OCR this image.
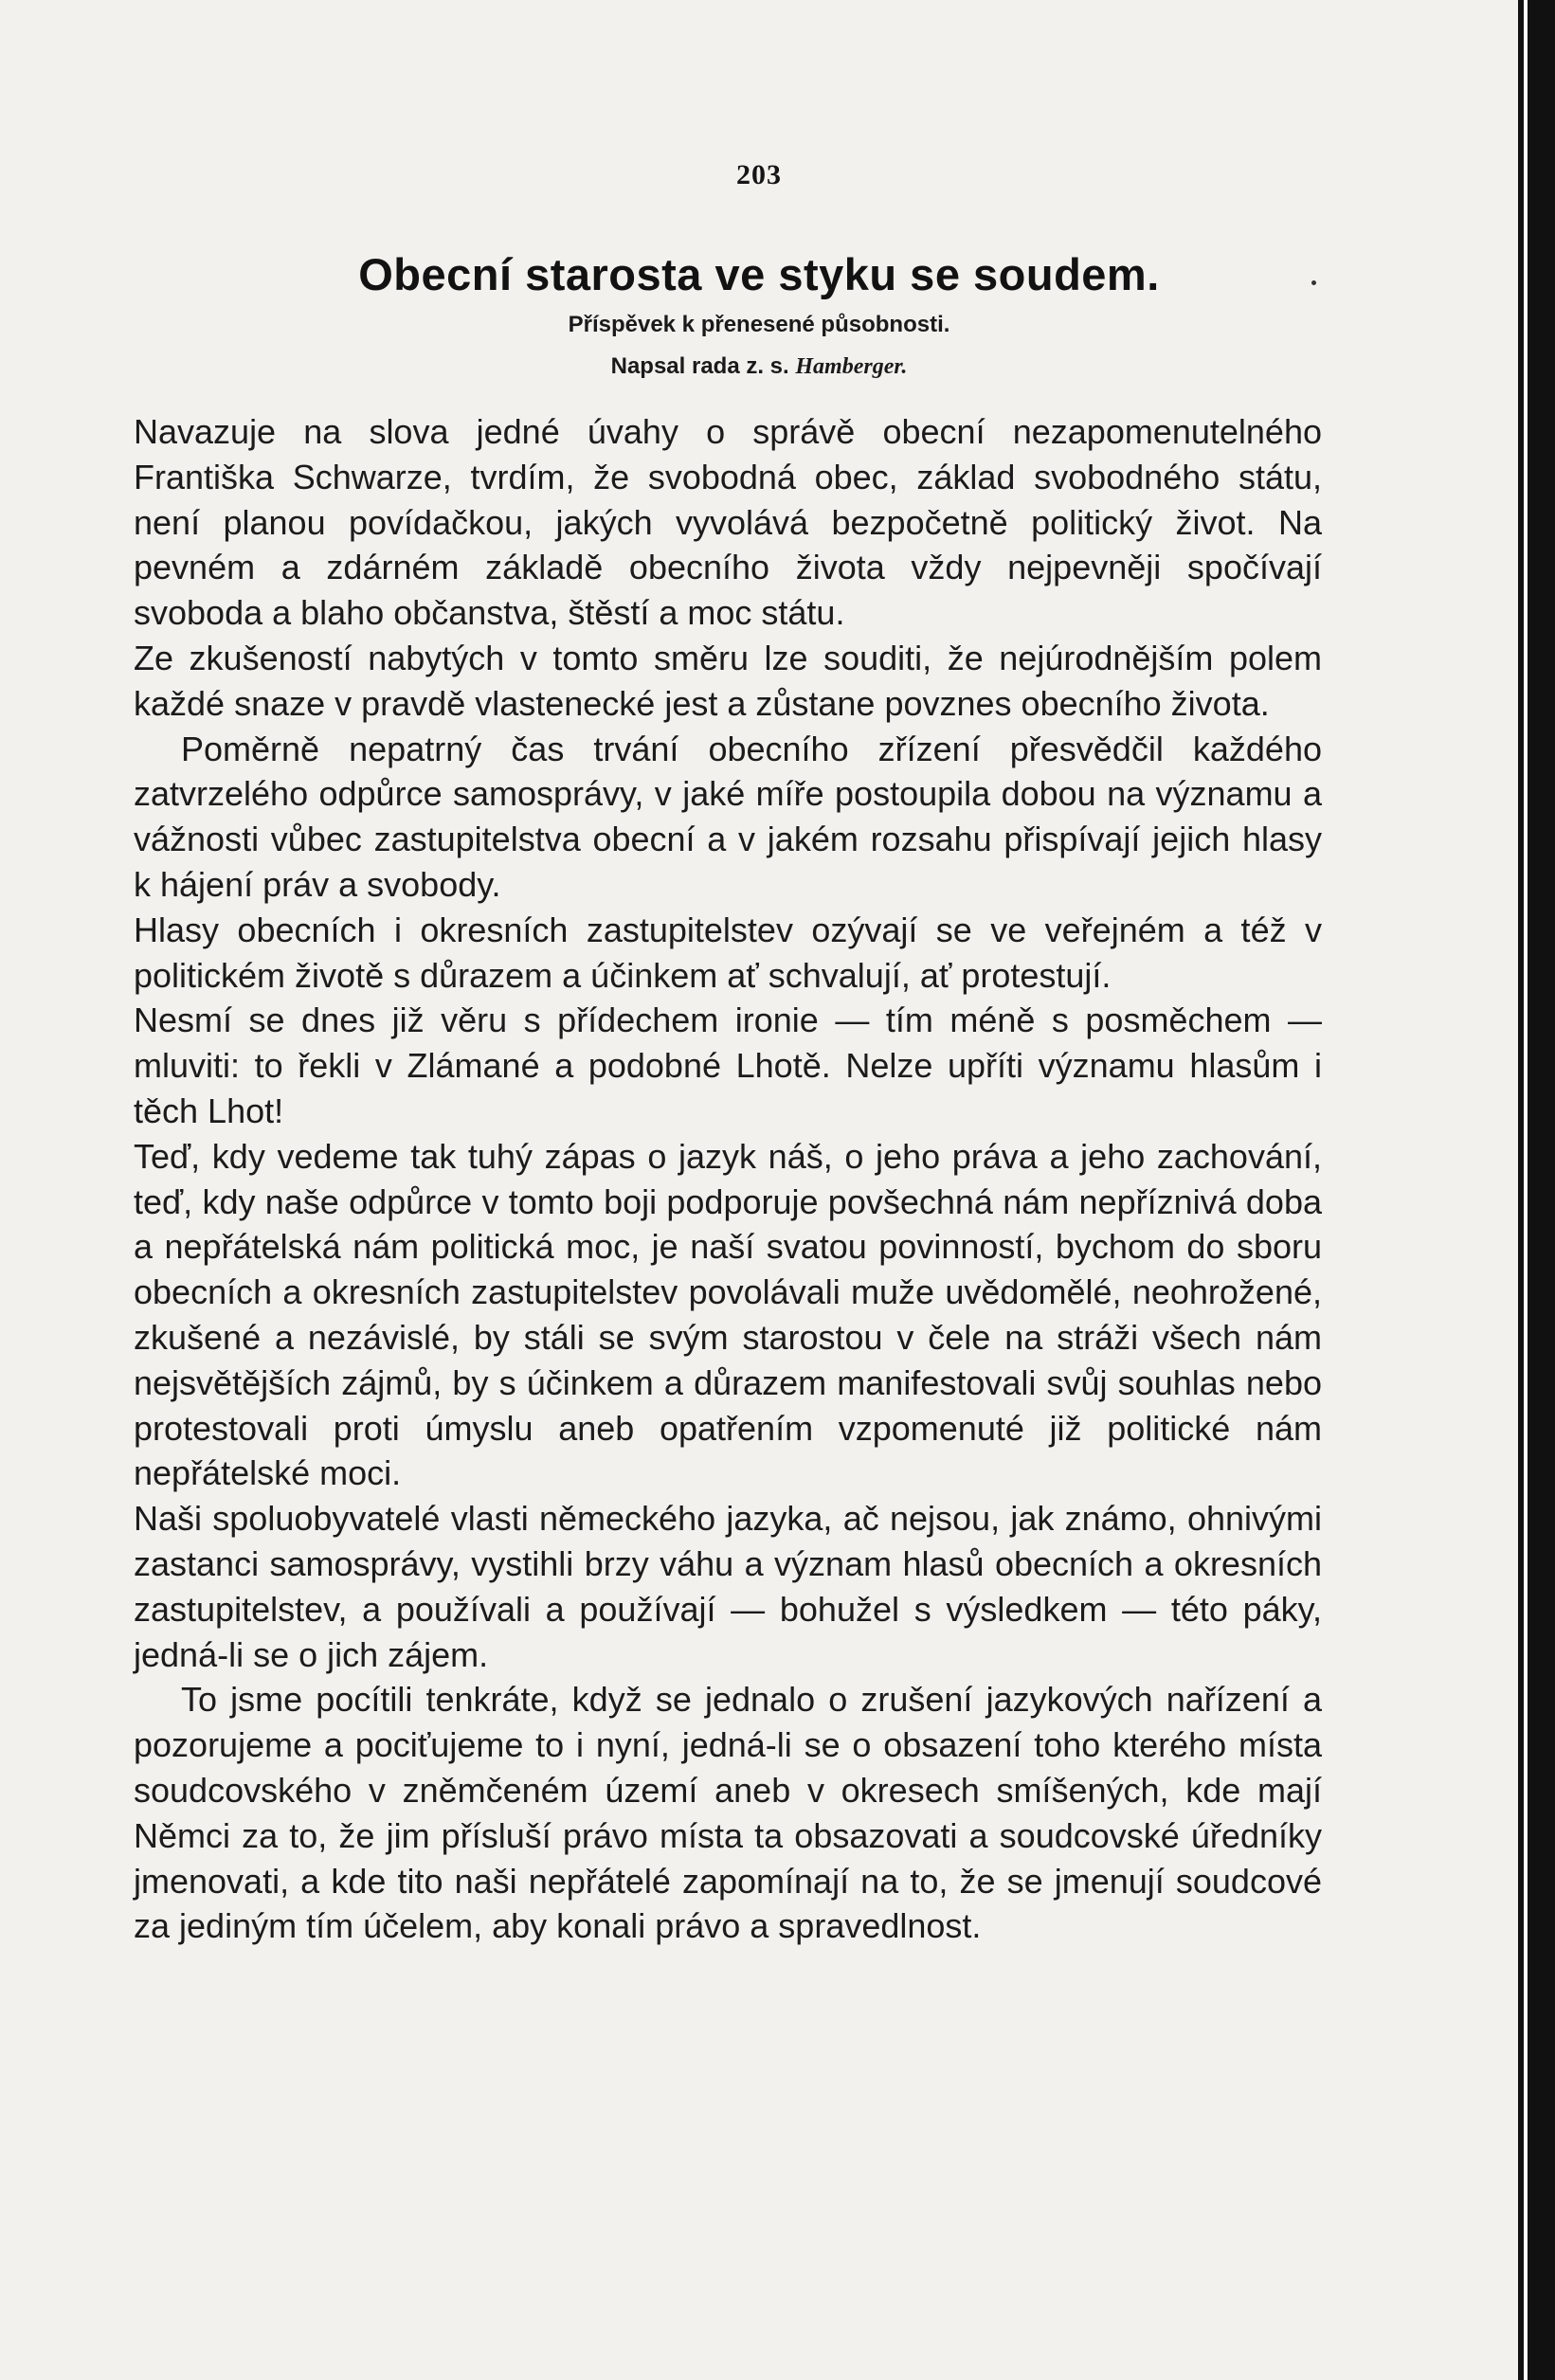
203
Obecní starosta ve styku se soudem.
Příspěvek k přenesené působnosti.
Napsal rada z. s. Hamberger.

Navazuje na slova jedné úvahy o správě obecní nezapomenutelného Františka Schwarze, tvrdím, že svobodná obec, základ svobodného státu, není planou povídačkou, jakých vyvolává bezpočetně politický život. Na pevném a zdárném základě obecního života vždy nejpevněji spočívají svoboda a blaho občanstva, štěstí a moc státu.

Ze zkušeností nabytých v tomto směru lze souditi, že nejúrodnějším polem každé snaze v pravdě vlastenecké jest a zůstane povznes obecního života.

Poměrně nepatrný čas trvání obecního zřízení přesvědčil každého zatvrzelého odpůrce samosprávy, v jaké míře postoupila dobou na významu a vážnosti vůbec zastupitelstva obecní a v jakém rozsahu přispívají jejich hlasy k hájení práv a svobody.

Hlasy obecních i okresních zastupitelstev ozývají se ve veřejném a též v politickém životě s důrazem a účinkem ať schvalují, ať protestují.

Nesmí se dnes již věru s přídechem ironie — tím méně s posměchem — mluviti: to řekli v Zlámané a podobné Lhotě. Nelze upříti významu hlasům i těch Lhot!

Teď, kdy vedeme tak tuhý zápas o jazyk náš, o jeho práva a jeho zachování, teď, kdy naše odpůrce v tomto boji podporuje povšechná nám nepříznivá doba a nepřátelská nám politická moc, je naší svatou povinností, bychom do sboru obecních a okresních zastupitelstev povolávali muže uvědomělé, neohrožené, zkušené a nezávislé, by stáli se svým starostou v čele na stráži všech nám nejsvětějších zájmů, by s účinkem a důrazem manifestovali svůj souhlas nebo protestovali proti úmyslu aneb opatřením vzpomenuté již politické nám nepřátelské moci.

Naši spoluobyvatelé vlasti německého jazyka, ač nejsou, jak známo, ohnivými zastanci samosprávy, vystihli brzy váhu a význam hlasů obecních a okresních zastupitelstev, a používali a používají — bohužel s výsledkem — této páky, jedná-li se o jich zájem.

To jsme pocítili tenkráte, když se jednalo o zrušení jazykových nařízení a pozorujeme a pociťujeme to i nyní, jedná-li se o obsazení toho kterého místa soudcovského v zněmčeném území aneb v okresech smíšených, kde mají Němci za to, že jim přísluší právo místa ta obsazovati a soudcovské úředníky jmenovati, a kde tito naši nepřátelé zapomínají na to, že se jmenují soudcové za jediným tím účelem, aby konali právo a spravedlnost.
